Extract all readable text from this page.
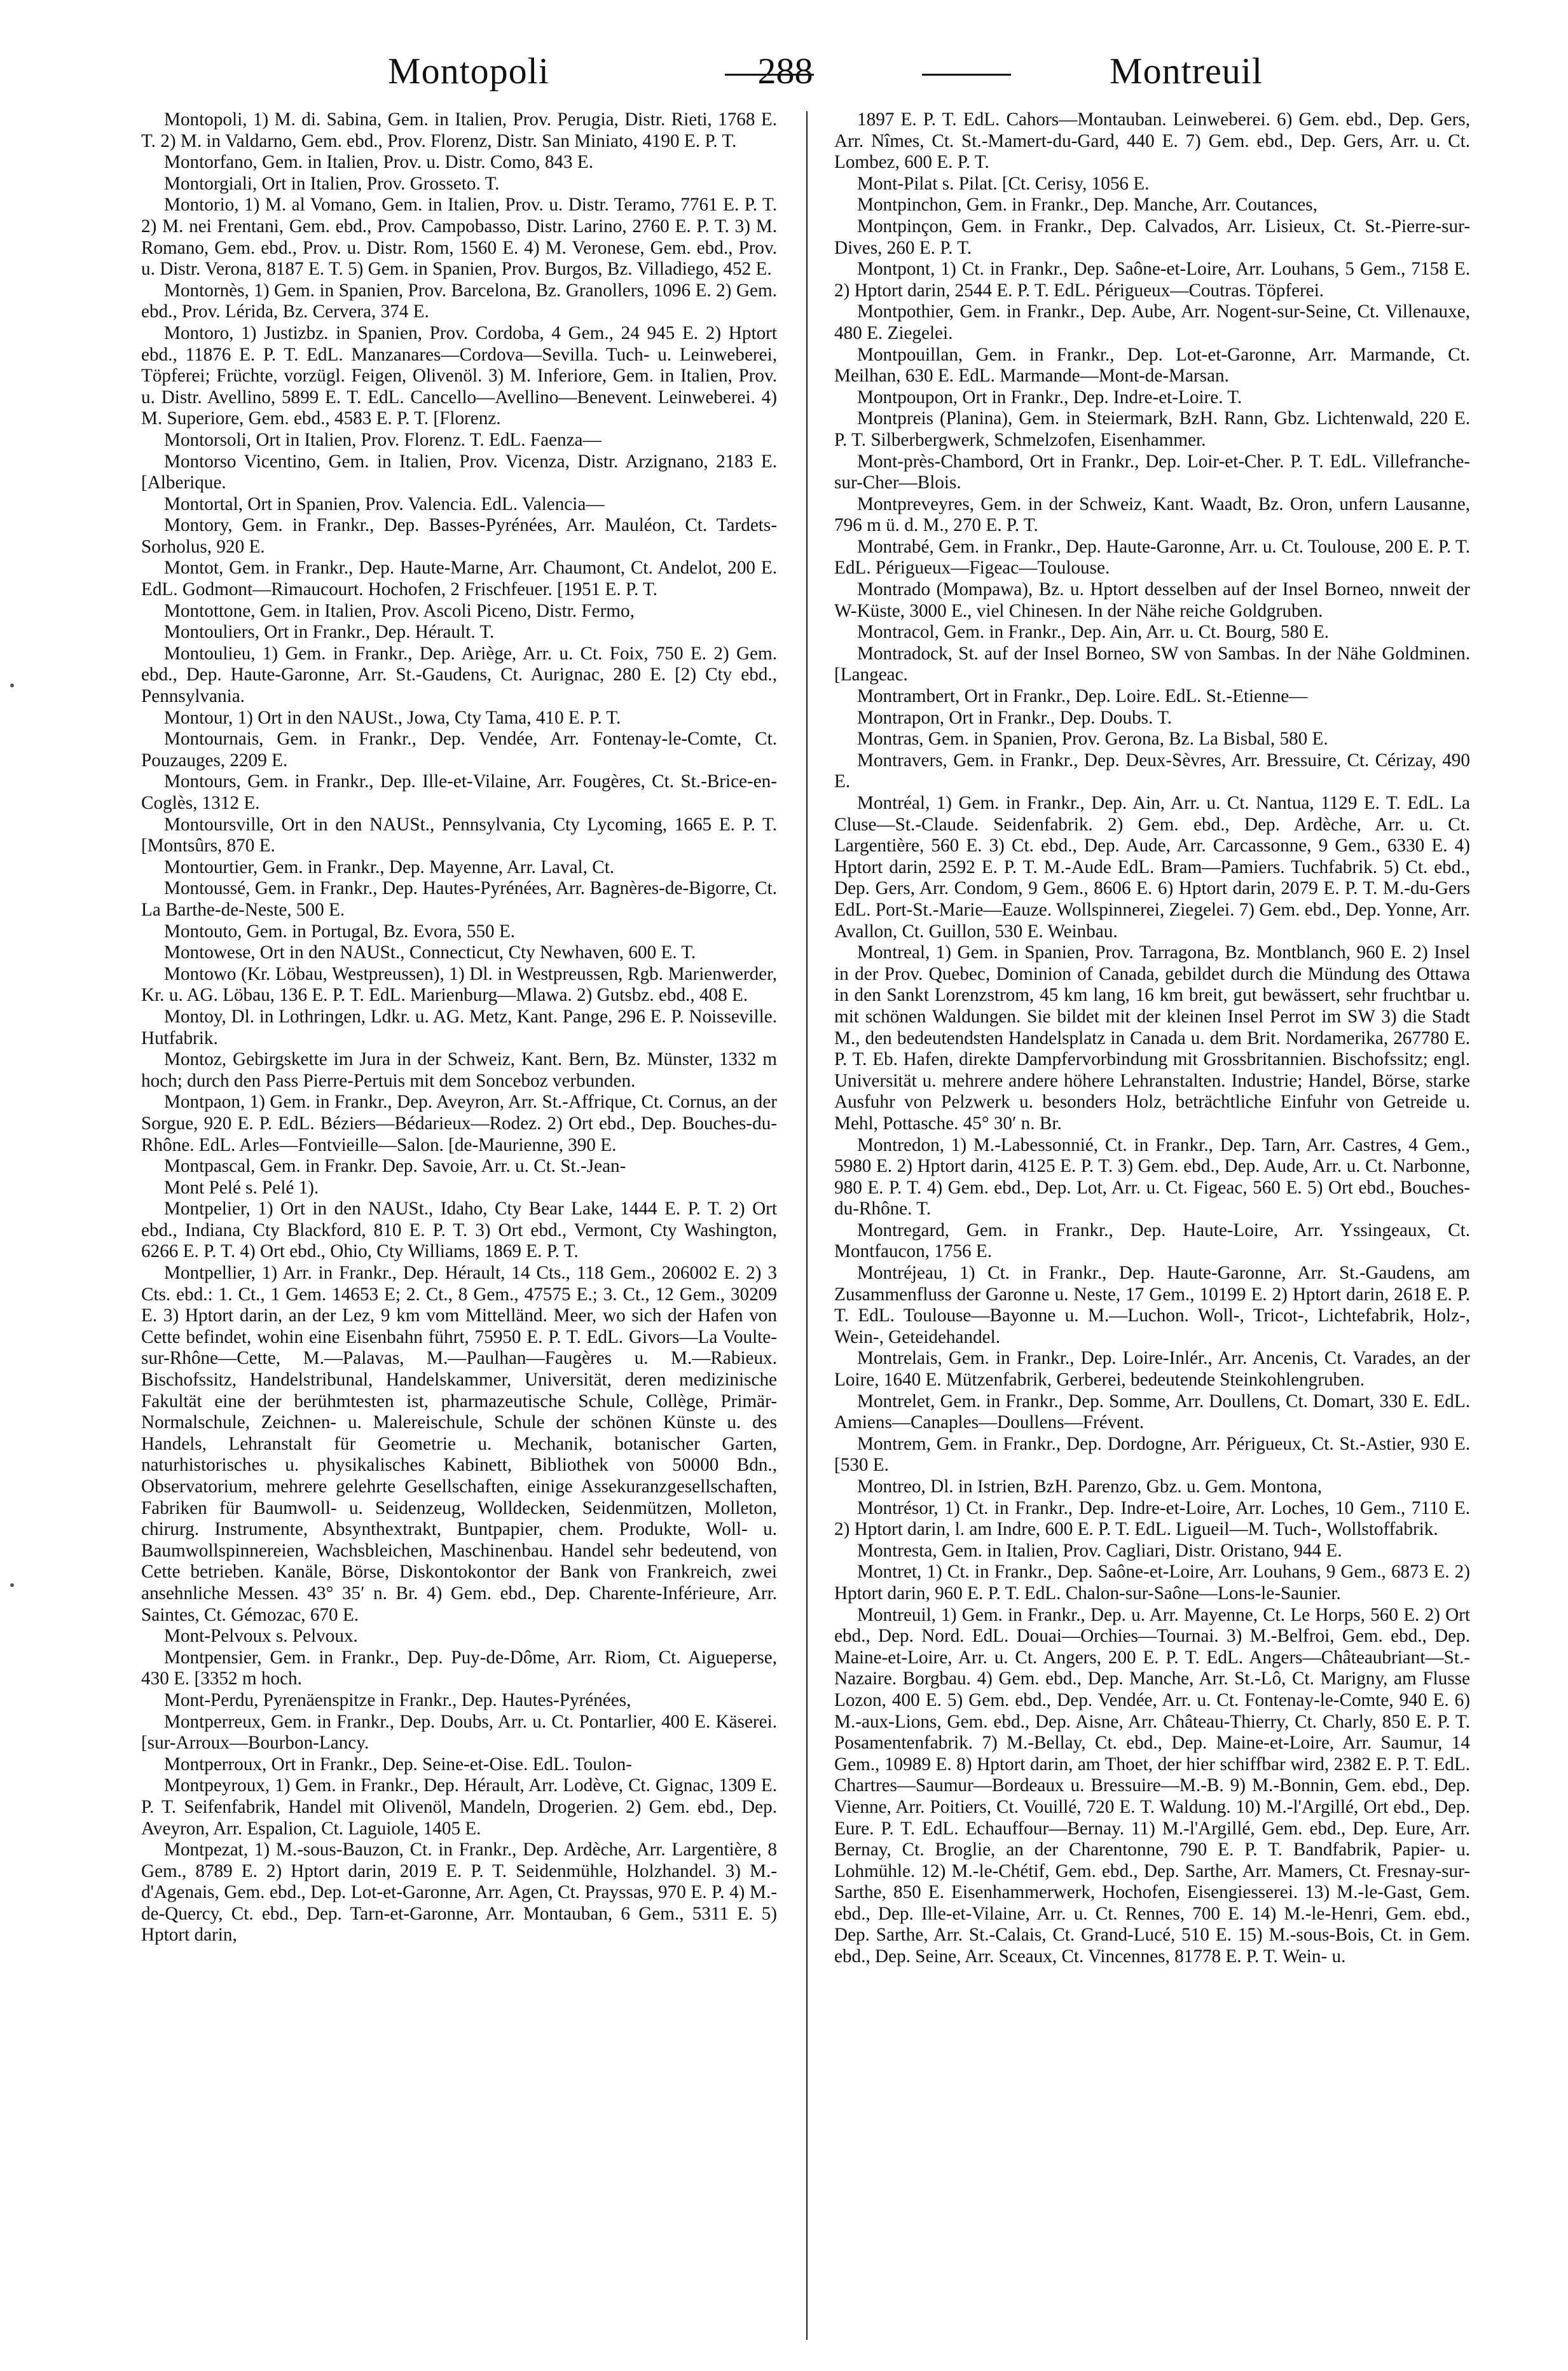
Montopoli	288	Montreuil

Montopoli, 1) M. di. Sabina, Gem. in Italien, Prov. Perugia, Distr. Rieti, 1768 E. T. 2) M. in Valdarno, Gem. ebd., Prov. Florenz, Distr. San Miniato, 4190 E. P. T.

Montorfano, Gem. in Italien, Prov. u. Distr. Como, 843 E.

Montorgiali, Ort in Italien, Prov. Grosseto. T.

Montorio, 1) M. al Vomano, Gem. in Italien, Prov. u. Distr. Teramo, 7761 E. P. T. 2) M. nei Frentani, Gem. ebd., Prov. Campobasso, Distr. Larino, 2760 E. P. T. 3) M. Romano, Gem. ebd., Prov. u. Distr. Rom, 1560 E. 4) M. Veronese, Gem. ebd., Prov. u. Distr. Verona, 8187 E. T. 5) Gem. in Spanien, Prov. Burgos, Bz. Villadiego, 452 E.

Montornès, 1) Gem. in Spanien, Prov. Barcelona, Bz. Granollers, 1096 E. 2) Gem. ebd., Prov. Lérida, Bz. Cervera, 374 E.

Montoro, 1) Justizbz. in Spanien, Prov. Cordoba, 4 Gem., 24 945 E. 2) Hptort ebd., 11876 E. P. T. EdL. Manzanares—Cordova—Sevilla. Tuch- u. Leinweberei, Töpferei; Früchte, vorzügl. Feigen, Olivenöl. 3) M. Inferiore, Gem. in Italien, Prov. u. Distr. Avellino, 5899 E. T. EdL. Cancello—Avellino—Benevent. Leinweberei. 4) M. Superiore, Gem. ebd., 4583 E. P. T. [Florenz.

Montorsoli, Ort in Italien, Prov. Florenz. T. EdL. Faenza—

Montorso Vicentino, Gem. in Italien, Prov. Vicenza, Distr. Arzignano, 2183 E. [Alberique.

Montortal, Ort in Spanien, Prov. Valencia. EdL. Valencia—

Montory, Gem. in Frankr., Dep. Basses-Pyrénées, Arr. Mauléon, Ct. Tardets-Sorholus, 920 E.

Montot, Gem. in Frankr., Dep. Haute-Marne, Arr. Chaumont, Ct. Andelot, 200 E. EdL. Godmont—Rimaucourt. Hochofen, 2 Frischfeuer. [1951 E. P. T.

Montottone, Gem. in Italien, Prov. Ascoli Piceno, Distr. Fermo,

Montouliers, Ort in Frankr., Dep. Hérault. T.

Montoulieu, 1) Gem. in Frankr., Dep. Ariège, Arr. u. Ct. Foix, 750 E. 2) Gem. ebd., Dep. Haute-Garonne, Arr. St.-Gaudens, Ct. Aurignac, 280 E. [2) Cty ebd., Pennsylvania.

Montour, 1) Ort in den NAUSt., Jowa, Cty Tama, 410 E. P. T.

Montournais, Gem. in Frankr., Dep. Vendée, Arr. Fontenay-le-Comte, Ct. Pouzauges, 2209 E.

Montours, Gem. in Frankr., Dep. Ille-et-Vilaine, Arr. Fougères, Ct. St.-Brice-en-Coglès, 1312 E.

Montoursville, Ort in den NAUSt., Pennsylvania, Cty Lycoming, 1665 E. P. T. [Montsûrs, 870 E.

Montourtier, Gem. in Frankr., Dep. Mayenne, Arr. Laval, Ct.

Montoussé, Gem. in Frankr., Dep. Hautes-Pyrénées, Arr. Bagnères-de-Bigorre, Ct. La Barthe-de-Neste, 500 E.

Montouto, Gem. in Portugal, Bz. Evora, 550 E.

Montowese, Ort in den NAUSt., Connecticut, Cty Newhaven, 600 E. T.

Montowo (Kr. Löbau, Westpreussen), 1) Dl. in Westpreussen, Rgb. Marienwerder, Kr. u. AG. Löbau, 136 E. P. T. EdL. Marienburg—Mlawa. 2) Gutsbz. ebd., 408 E.

Montoy, Dl. in Lothringen, Ldkr. u. AG. Metz, Kant. Pange, 296 E. P. Noisseville. Hutfabrik.

Montoz, Gebirgskette im Jura in der Schweiz, Kant. Bern, Bz. Münster, 1332 m hoch; durch den Pass Pierre-Pertuis mit dem Sonceboz verbunden.

Montpaon, 1) Gem. in Frankr., Dep. Aveyron, Arr. St.-Affrique, Ct. Cornus, an der Sorgue, 920 E. P. EdL. Béziers—Bédarieux—Rodez. 2) Ort ebd., Dep. Bouches-du-Rhône. EdL. Arles—Fontvieille—Salon. [de-Maurienne, 390 E.

Montpascal, Gem. in Frankr. Dep. Savoie, Arr. u. Ct. St.-Jean-

Mont Pelé s. Pelé 1).

Montpelier, 1) Ort in den NAUSt., Idaho, Cty Bear Lake, 1444 E. P. T. 2) Ort ebd., Indiana, Cty Blackford, 810 E. P. T. 3) Ort ebd., Vermont, Cty Washington, 6266 E. P. T. 4) Ort ebd., Ohio, Cty Williams, 1869 E. P. T.

Montpellier, 1) Arr. in Frankr., Dep. Hérault, 14 Cts., 118 Gem., 206002 E. 2) 3 Cts. ebd.: 1. Ct., 1 Gem. 14653 E; 2. Ct., 8 Gem., 47575 E.; 3. Ct., 12 Gem., 30209 E. 3) Hptort darin, an der Lez, 9 km vom Mittelländ. Meer, wo sich der Hafen von Cette befindet, wohin eine Eisenbahn führt, 75950 E. P. T. EdL. Givors—La Voulte-sur-Rhône—Cette, M.—Palavas, M.—Paulhan—Faugères u. M.—Rabieux. Bischofssitz, Handelstribunal, Handelskammer, Universität, deren medizinische Fakultät eine der berühmtesten ist, pharmazeutische Schule, Collège, Primär-Normalschule, Zeichnen- u. Malereischule, Schule der schönen Künste u. des Handels, Lehranstalt für Geometrie u. Mechanik, botanischer Garten, naturhistorisches u. physikalisches Kabinett, Bibliothek von 50000 Bdn., Observatorium, mehrere gelehrte Gesellschaften, einige Assekuranzgesellschaften, Fabriken für Baumwoll- u. Seidenzeug, Wolldecken, Seidenmützen, Molleton, chirurg. Instrumente, Absynthextrakt, Buntpapier, chem. Produkte, Woll- u. Baumwollspinnereien, Wachsbleichen, Maschinenbau. Handel sehr bedeutend, von Cette betrieben. Kanäle, Börse, Diskontokontor der Bank von Frankreich, zwei ansehnliche Messen. 43° 35′ n. Br. 4) Gem. ebd., Dep. Charente-Inférieure, Arr. Saintes, Ct. Gémozac, 670 E.

Mont-Pelvoux s. Pelvoux.

Montpensier, Gem. in Frankr., Dep. Puy-de-Dôme, Arr. Riom, Ct. Aigueperse, 430 E. [3352 m hoch.

Mont-Perdu, Pyrenäenspitze in Frankr., Dep. Hautes-Pyrénées,

Montperreux, Gem. in Frankr., Dep. Doubs, Arr. u. Ct. Pontarlier, 400 E. Käserei. [sur-Arroux—Bourbon-Lancy.

Montperroux, Ort in Frankr., Dep. Seine-et-Oise. EdL. Toulon-

Montpeyroux, 1) Gem. in Frankr., Dep. Hérault, Arr. Lodève, Ct. Gignac, 1309 E. P. T. Seifenfabrik, Handel mit Olivenöl, Mandeln, Drogerien. 2) Gem. ebd., Dep. Aveyron, Arr. Espalion, Ct. Laguiole, 1405 E.

Montpezat, 1) M.-sous-Bauzon, Ct. in Frankr., Dep. Ardèche, Arr. Largentière, 8 Gem., 8789 E. 2) Hptort darin, 2019 E. P. T. Seidenmühle, Holzhandel. 3) M.-d'Agenais, Gem. ebd., Dep. Lot-et-Garonne, Arr. Agen, Ct. Prayssas, 970 E. P. 4) M.-de-Quercy, Ct. ebd., Dep. Tarn-et-Garonne, Arr. Montauban, 6 Gem., 5311 E. 5) Hptort darin,

1897 E. P. T. EdL. Cahors—Montauban. Leinweberei. 6) Gem. ebd., Dep. Gers, Arr. Nîmes, Ct. St.-Mamert-du-Gard, 440 E. 7) Gem. ebd., Dep. Gers, Arr. u. Ct. Lombez, 600 E. P. T.

Mont-Pilat s. Pilat. [Ct. Cerisy, 1056 E.

Montpinchon, Gem. in Frankr., Dep. Manche, Arr. Coutances,

Montpinçon, Gem. in Frankr., Dep. Calvados, Arr. Lisieux, Ct. St.-Pierre-sur-Dives, 260 E. P. T.

Montpont, 1) Ct. in Frankr., Dep. Saône-et-Loire, Arr. Louhans, 5 Gem., 7158 E. 2) Hptort darin, 2544 E. P. T. EdL. Périgueux—Coutras. Töpferei.

Montpothier, Gem. in Frankr., Dep. Aube, Arr. Nogent-sur-Seine, Ct. Villenauxe, 480 E. Ziegelei.

Montpouillan, Gem. in Frankr., Dep. Lot-et-Garonne, Arr. Marmande, Ct. Meilhan, 630 E. EdL. Marmande—Mont-de-Marsan.

Montpoupon, Ort in Frankr., Dep. Indre-et-Loire. T.

Montpreis (Planina), Gem. in Steiermark, BzH. Rann, Gbz. Lichtenwald, 220 E. P. T. Silberbergwerk, Schmelzofen, Eisenhammer.

Mont-près-Chambord, Ort in Frankr., Dep. Loir-et-Cher. P. T. EdL. Villefranche-sur-Cher—Blois.

Montpreveyres, Gem. in der Schweiz, Kant. Waadt, Bz. Oron, unfern Lausanne, 796 m ü. d. M., 270 E. P. T.

Montrabé, Gem. in Frankr., Dep. Haute-Garonne, Arr. u. Ct. Toulouse, 200 E. P. T. EdL. Périgueux—Figeac—Toulouse.

Montrado (Mompawa), Bz. u. Hptort desselben auf der Insel Borneo, nnweit der W-Küste, 3000 E., viel Chinesen. In der Nähe reiche Goldgruben.

Montracol, Gem. in Frankr., Dep. Ain, Arr. u. Ct. Bourg, 580 E.

Montradock, St. auf der Insel Borneo, SW von Sambas. In der Nähe Goldminen. [Langeac.

Montrambert, Ort in Frankr., Dep. Loire. EdL. St.-Etienne—

Montrapon, Ort in Frankr., Dep. Doubs. T.

Montras, Gem. in Spanien, Prov. Gerona, Bz. La Bisbal, 580 E.

Montravers, Gem. in Frankr., Dep. Deux-Sèvres, Arr. Bressuire, Ct. Cérizay, 490 E.

Montréal, 1) Gem. in Frankr., Dep. Ain, Arr. u. Ct. Nantua, 1129 E. T. EdL. La Cluse—St.-Claude. Seidenfabrik. 2) Gem. ebd., Dep. Ardèche, Arr. u. Ct. Largentière, 560 E. 3) Ct. ebd., Dep. Aude, Arr. Carcassonne, 9 Gem., 6330 E. 4) Hptort darin, 2592 E. P. T. M.-Aude EdL. Bram—Pamiers. Tuchfabrik. 5) Ct. ebd., Dep. Gers, Arr. Condom, 9 Gem., 8606 E. 6) Hptort darin, 2079 E. P. T. M.-du-Gers EdL. Port-St.-Marie—Eauze. Wollspinnerei, Ziegelei. 7) Gem. ebd., Dep. Yonne, Arr. Avallon, Ct. Guillon, 530 E. Weinbau.

Montreal, 1) Gem. in Spanien, Prov. Tarragona, Bz. Montblanch, 960 E. 2) Insel in der Prov. Quebec, Dominion of Canada, gebildet durch die Mündung des Ottawa in den Sankt Lorenzstrom, 45 km lang, 16 km breit, gut bewässert, sehr fruchtbar u. mit schönen Waldungen. Sie bildet mit der kleinen Insel Perrot im SW 3) die Stadt M., den bedeutendsten Handelsplatz in Canada u. dem Brit. Nordamerika, 267780 E. P. T. Eb. Hafen, direkte Dampfervorbindung mit Grossbritannien. Bischofssitz; engl. Universität u. mehrere andere höhere Lehranstalten. Industrie; Handel, Börse, starke Ausfuhr von Pelzwerk u. besonders Holz, beträchtliche Einfuhr von Getreide u. Mehl, Pottasche. 45° 30′ n. Br.

Montredon, 1) M.-Labessonnié, Ct. in Frankr., Dep. Tarn, Arr. Castres, 4 Gem., 5980 E. 2) Hptort darin, 4125 E. P. T. 3) Gem. ebd., Dep. Aude, Arr. u. Ct. Narbonne, 980 E. P. T. 4) Gem. ebd., Dep. Lot, Arr. u. Ct. Figeac, 560 E. 5) Ort ebd., Bouches-du-Rhône. T.

Montregard, Gem. in Frankr., Dep. Haute-Loire, Arr. Yssingeaux, Ct. Montfaucon, 1756 E.

Montréjeau, 1) Ct. in Frankr., Dep. Haute-Garonne, Arr. St.-Gaudens, am Zusammenfluss der Garonne u. Neste, 17 Gem., 10199 E. 2) Hptort darin, 2618 E. P. T. EdL. Toulouse—Bayonne u. M.—Luchon. Woll-, Tricot-, Lichtefabrik, Holz-, Wein-, Geteidehandel.

Montrelais, Gem. in Frankr., Dep. Loire-Inlér., Arr. Ancenis, Ct. Varades, an der Loire, 1640 E. Mützenfabrik, Gerberei, bedeutende Steinkohlengruben.

Montrelet, Gem. in Frankr., Dep. Somme, Arr. Doullens, Ct. Domart, 330 E. EdL. Amiens—Canaples—Doullens—Frévent.

Montrem, Gem. in Frankr., Dep. Dordogne, Arr. Périgueux, Ct. St.-Astier, 930 E. [530 E.

Montreo, Dl. in Istrien, BzH. Parenzo, Gbz. u. Gem. Montona,

Montrésor, 1) Ct. in Frankr., Dep. Indre-et-Loire, Arr. Loches, 10 Gem., 7110 E. 2) Hptort darin, l. am Indre, 600 E. P. T. EdL. Ligueil—M. Tuch-, Wollstoffabrik.

Montresta, Gem. in Italien, Prov. Cagliari, Distr. Oristano, 944 E.

Montret, 1) Ct. in Frankr., Dep. Saône-et-Loire, Arr. Louhans, 9 Gem., 6873 E. 2) Hptort darin, 960 E. P. T. EdL. Chalon-sur-Saône—Lons-le-Saunier.

Montreuil, 1) Gem. in Frankr., Dep. u. Arr. Mayenne, Ct. Le Horps, 560 E. 2) Ort ebd., Dep. Nord. EdL. Douai—Orchies—Tournai. 3) M.-Belfroi, Gem. ebd., Dep. Maine-et-Loire, Arr. u. Ct. Angers, 200 E. P. T. EdL. Angers—Châteaubriant—St.-Nazaire. Borgbau. 4) Gem. ebd., Dep. Manche, Arr. St.-Lô, Ct. Marigny, am Flusse Lozon, 400 E. 5) Gem. ebd., Dep. Vendée, Arr. u. Ct. Fontenay-le-Comte, 940 E. 6) M.-aux-Lions, Gem. ebd., Dep. Aisne, Arr. Château-Thierry, Ct. Charly, 850 E. P. T. Posamentenfabrik. 7) M.-Bellay, Ct. ebd., Dep. Maine-et-Loire, Arr. Saumur, 14 Gem., 10989 E. 8) Hptort darin, am Thoet, der hier schiffbar wird, 2382 E. P. T. EdL. Chartres—Saumur—Bordeaux u. Bressuire—M.-B. 9) M.-Bonnin, Gem. ebd., Dep. Vienne, Arr. Poitiers, Ct. Vouillé, 720 E. T. Waldung. 10) M.-l'Argillé, Ort ebd., Dep. Eure. P. T. EdL. Echauffour—Bernay. 11) M.-l'Argillé, Gem. ebd., Dep. Eure, Arr. Bernay, Ct. Broglie, an der Charentonne, 790 E. P. T. Bandfabrik, Papier- u. Lohmühle. 12) M.-le-Chétif, Gem. ebd., Dep. Sarthe, Arr. Mamers, Ct. Fresnay-sur-Sarthe, 850 E. Eisenhammerwerk, Hochofen, Eisengiesserei. 13) M.-le-Gast, Gem. ebd., Dep. Ille-et-Vilaine, Arr. u. Ct. Rennes, 700 E. 14) M.-le-Henri, Gem. ebd., Dep. Sarthe, Arr. St.-Calais, Ct. Grand-Lucé, 510 E. 15) M.-sous-Bois, Ct. in Gem. ebd., Dep. Seine, Arr. Sceaux, Ct. Vincennes, 81778 E. P. T. Wein- u.
